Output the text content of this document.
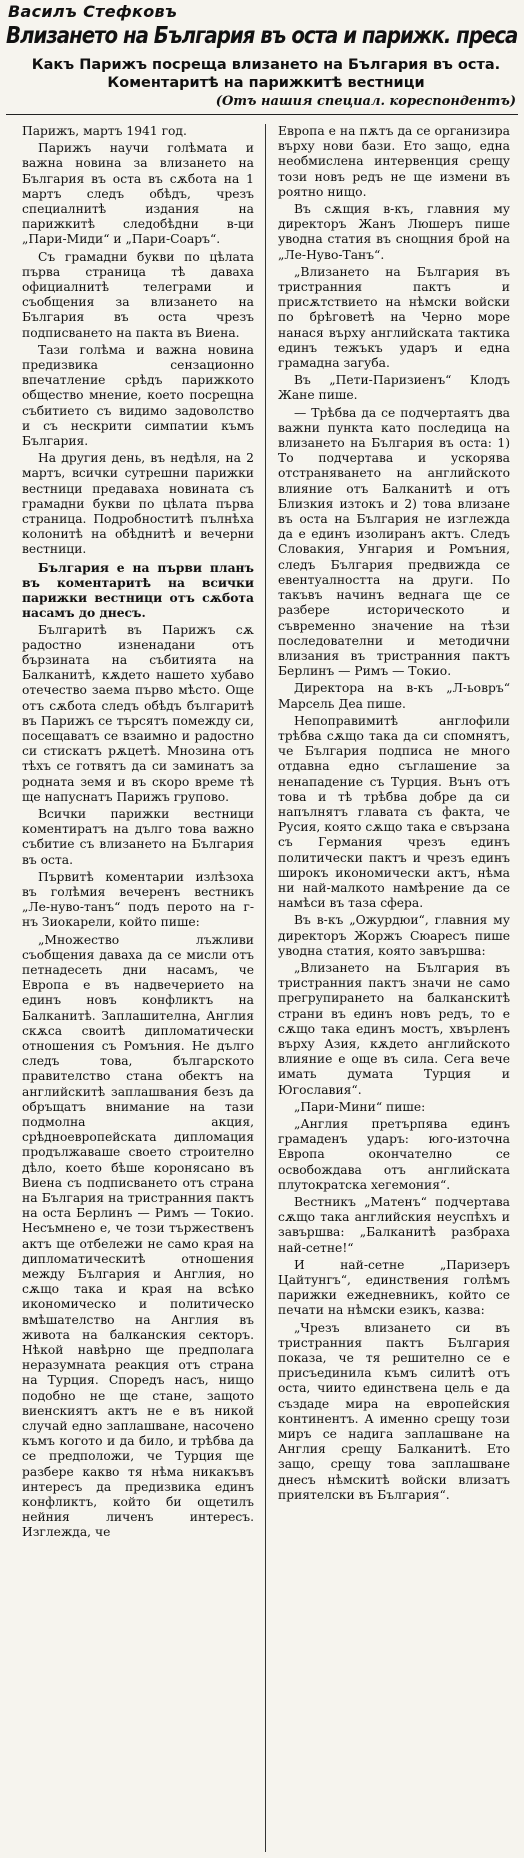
Василъ Стефковъ
Влизането на България въ оста и парижк. преса
Какъ Парижъ посреща влизането на България въ оста. Коментаритѣ на парижкитѣ вестници
(Отъ нашия специал. кореспондентъ)

Парижъ, мартъ 1941 год.

Парижъ научи голѣмата и важна новина за влизането на България въ оста въ сѫбота на 1 мартъ следъ обѣдъ, чрезъ специалнитѣ издания на парижкитѣ следобѣдни в-ци „Пари-Миди“ и „Пари-Соаръ“.

Съ грамадни букви по цѣлата първа страница тѣ даваха официалнитѣ телеграми и съобщения за влизането на България въ оста чрезъ подписването на пакта въ Виена.

Тази голѣма и важна новина предизвика сензационно впечатление срѣдъ парижкото общество мнение, което посрещна събитието съ видимо задоволство и съ нескрити симпатии къмъ България.

На другия день, въ недѣля, на 2 мартъ, всички сутрешни парижки вестници предаваха новината съ грамадни букви по цѣлата първа страница. Подробноститѣ пълнѣха колонитѣ на обѣднитѣ и вечерни вестници.

България е на първи планъ въ коментаритѣ на всички парижки вестници отъ сѫбота насамъ до днесъ.

Българитѣ въ Парижъ сѫ радостно изненадани отъ бързината на събитията на Балканитѣ, кѫдето нашето хубаво отечество заема първо мѣсто. Още отъ сѫбота следъ обѣдъ българитѣ въ Парижъ се търсятъ помежду си, посещаватъ се взаимно и радостно си стискатъ рѫцетѣ. Мнозина отъ тѣхъ се готвятъ да си заминатъ за родната земя и въ скоро време тѣ ще напуснатъ Парижъ групово.

Всички парижки вестници коментиратъ на дълго това важно събитие съ влизането на България въ оста.

Първитѣ коментарии излѣзоха въ голѣмия вечеренъ вестникъ „Ле-нуво-танъ“ подъ перото на г-нъ Зиокарели, който пише:

„Множество лъжливи съобщения даваха да се мисли отъ петнадесеть дни насамъ, че Европа е въ надвечерието на единъ новъ конфликтъ на Балканитѣ. Заплашителна, Англия скѫса своитѣ дипломатически отношения съ Ромъния. Не дълго следъ това, българското правителство стана обектъ на английскитѣ заплашвания безъ да обръщатъ внимание на тази подмолна акция, срѣдноевропейската дипломация продължаваше своето строително дѣло, което бѣше коронясано въ Виена съ подписването отъ страна на България на тристранния пактъ на оста Берлинъ — Римъ — Токио. Несъмнено е, че този тържественъ актъ ще отбележи не само края на дипломатическитѣ отношения между България и Англия, но сѫщо така и края на всѣко икономическо и политическо вмѣшателство на Англия въ живота на балканския секторъ. Нѣкой навѣрно ще предполага неразумната реакция отъ страна на Турция. Споредъ насъ, нищо подобно не ще стане, защото виенскиятъ актъ не е въ никой случай едно заплашване, насочено къмъ когото и да било, и трѣбва да се предположи, че Турция ще разбере какво тя нѣма никакъвъ интересъ да предизвика единъ конфликтъ, който би ощетилъ нейния личенъ интересъ. Изглежда, че

Европа е на пѫтъ да се организира върху нови бази. Ето защо, една необмислена интервенция срещу този новъ редъ не ще измени въ роятно нищо.

Въ сѫщия в-къ, главния му директоръ Жанъ Люшеръ пише уводна статия въ снощния брой на „Ле-Нуво-Танъ“.

„Влизането на България въ тристранния пактъ и присѫтствието на нѣмски войски по брѣговетѣ на Черно море нанася върху английската тактика единъ тежъкъ ударъ и една грамадна загуба.

Въ „Пети-Паризиенъ“ Клодъ Жане пише.

— Трѣбва да се подчертаятъ два важни пункта като последица на влизането на България въ оста: 1) То подчертава и ускорява отстраняването на английското влияние отъ Балканитѣ и отъ Близкия изтокъ и 2) това влизане въ оста на България не изглежда да е единъ изолиранъ актъ. Следъ Словакия, Унгария и Ромъния, следъ България предвижда се евентуалността на други. По такъвъ начинъ веднага ще се разбере историческото и съвременно значение на тѣзи последователни и методични влизания въ тристранния пактъ Берлинъ — Римъ — Токио.

Директора на в-къ „Л-ьовръ“ Марсель Деа пише.

Непоправимитѣ англофили трѣбва сѫщо така да си спомнятъ, че България подписа не много отдавна едно съглашение за ненападение съ Турция. Вънъ отъ това и тѣ трѣбва добре да си напълнятъ главата съ факта, че Русия, която сѫщо така е свързана съ Германия чрезъ единъ политически пактъ и чрезъ единъ широкъ икономически актъ, нѣма ни най-малкото намѣрение да се намѣси въ таза сфера.

Въ в-къ „Ожурдюи“, главния му директоръ Жоржъ Сюаресъ пише уводна статия, която завършва:

„Влизането на България въ тристранния пактъ значи не само прегрупирането на балканскитѣ страни въ единъ новъ редъ, то е сѫщо така единъ мостъ, хвърленъ върху Азия, кѫдето английското влияние е още въ сила. Сега вече имать думата Турция и Югославия“.

„Пари-Мини“ пише:

„Англия претърпява единъ грамаденъ ударъ: юго-източна Европа окончателно се освобождава отъ английската плутократска хегемония“.

Вестникъ „Матенъ“ подчертава сѫщо така английския неуспѣхъ и завършва: „Балканитѣ разбраха най-сетне!“

И най-сетне „Паризеръ Цайтунгъ“, единствения голѣмъ парижки ежедневникъ, който се печати на нѣмски езикъ, казва:

„Чрезъ влизането си въ тристранния пактъ България показа, че тя решително се е присъединила къмъ силитѣ отъ оста, чиито единствена цель е да създаде мира на европейския континентъ. А именно срещу този миръ се надига заплашване на Англия срещу Балканитѣ. Ето защо, срещу това заплашване днесъ нѣмскитѣ войски влизатъ приятелски въ България“.
